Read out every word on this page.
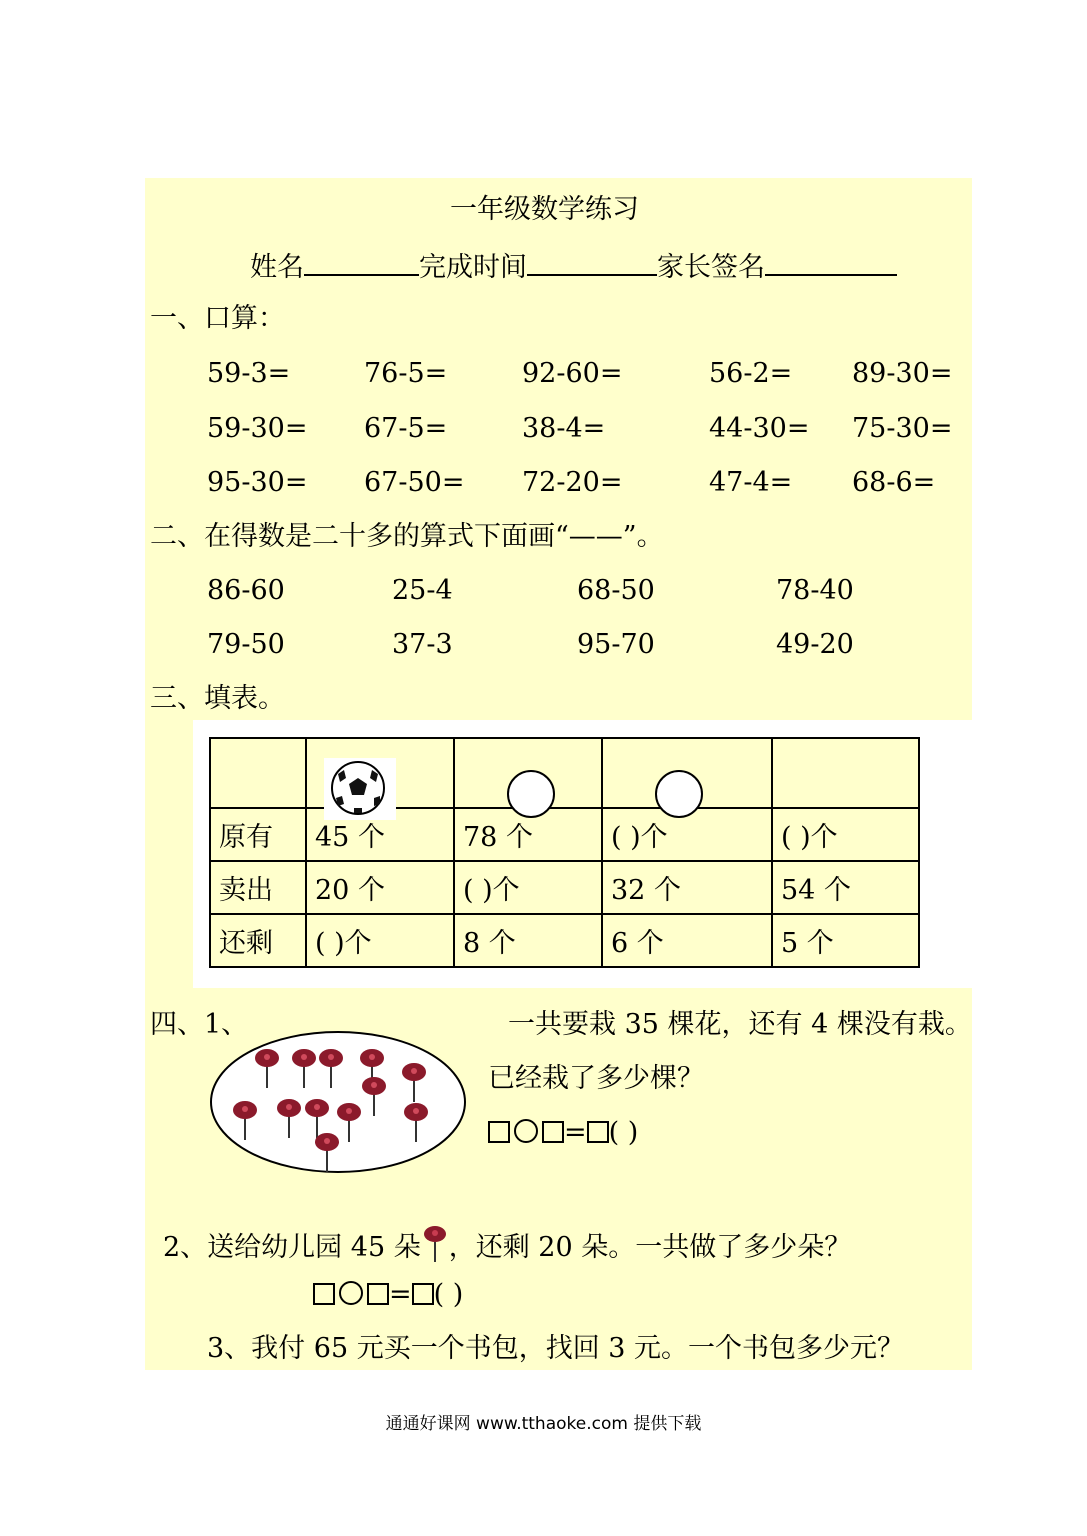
一年级数学练习
姓名	完成时间	家长签名
一、口算：
59-3=	76-5=	92-60=	56-2= 89-30=
59-30= 67-5=	38-4=	44-30= 75-30=
95-30= 67-50= 72-20=	47-4= 68-6=
二、在得数是二十多的算式下面画“——”。
86-60	25-4	68-50	78-40
79-50	37-3	95-70	49-20
三、填表。

原有	45 个	78 个	( )个	( )个
卖出	20 个	( )个	32 个	54 个
还剩	( )个	8 个	6 个	5 个
四、1、	一共要栽 35 棵花，还有 4 棵没有栽。
已经栽了多少棵？
= ( )
2、送给幼儿园 45 朵 ，还剩 20 朵。一共做了多少朵？
= ( )
3、我付 65 元买一个书包，找回 3 元。一个书包多少元？
通通好课网 www.tthaoke.com 提供下载
